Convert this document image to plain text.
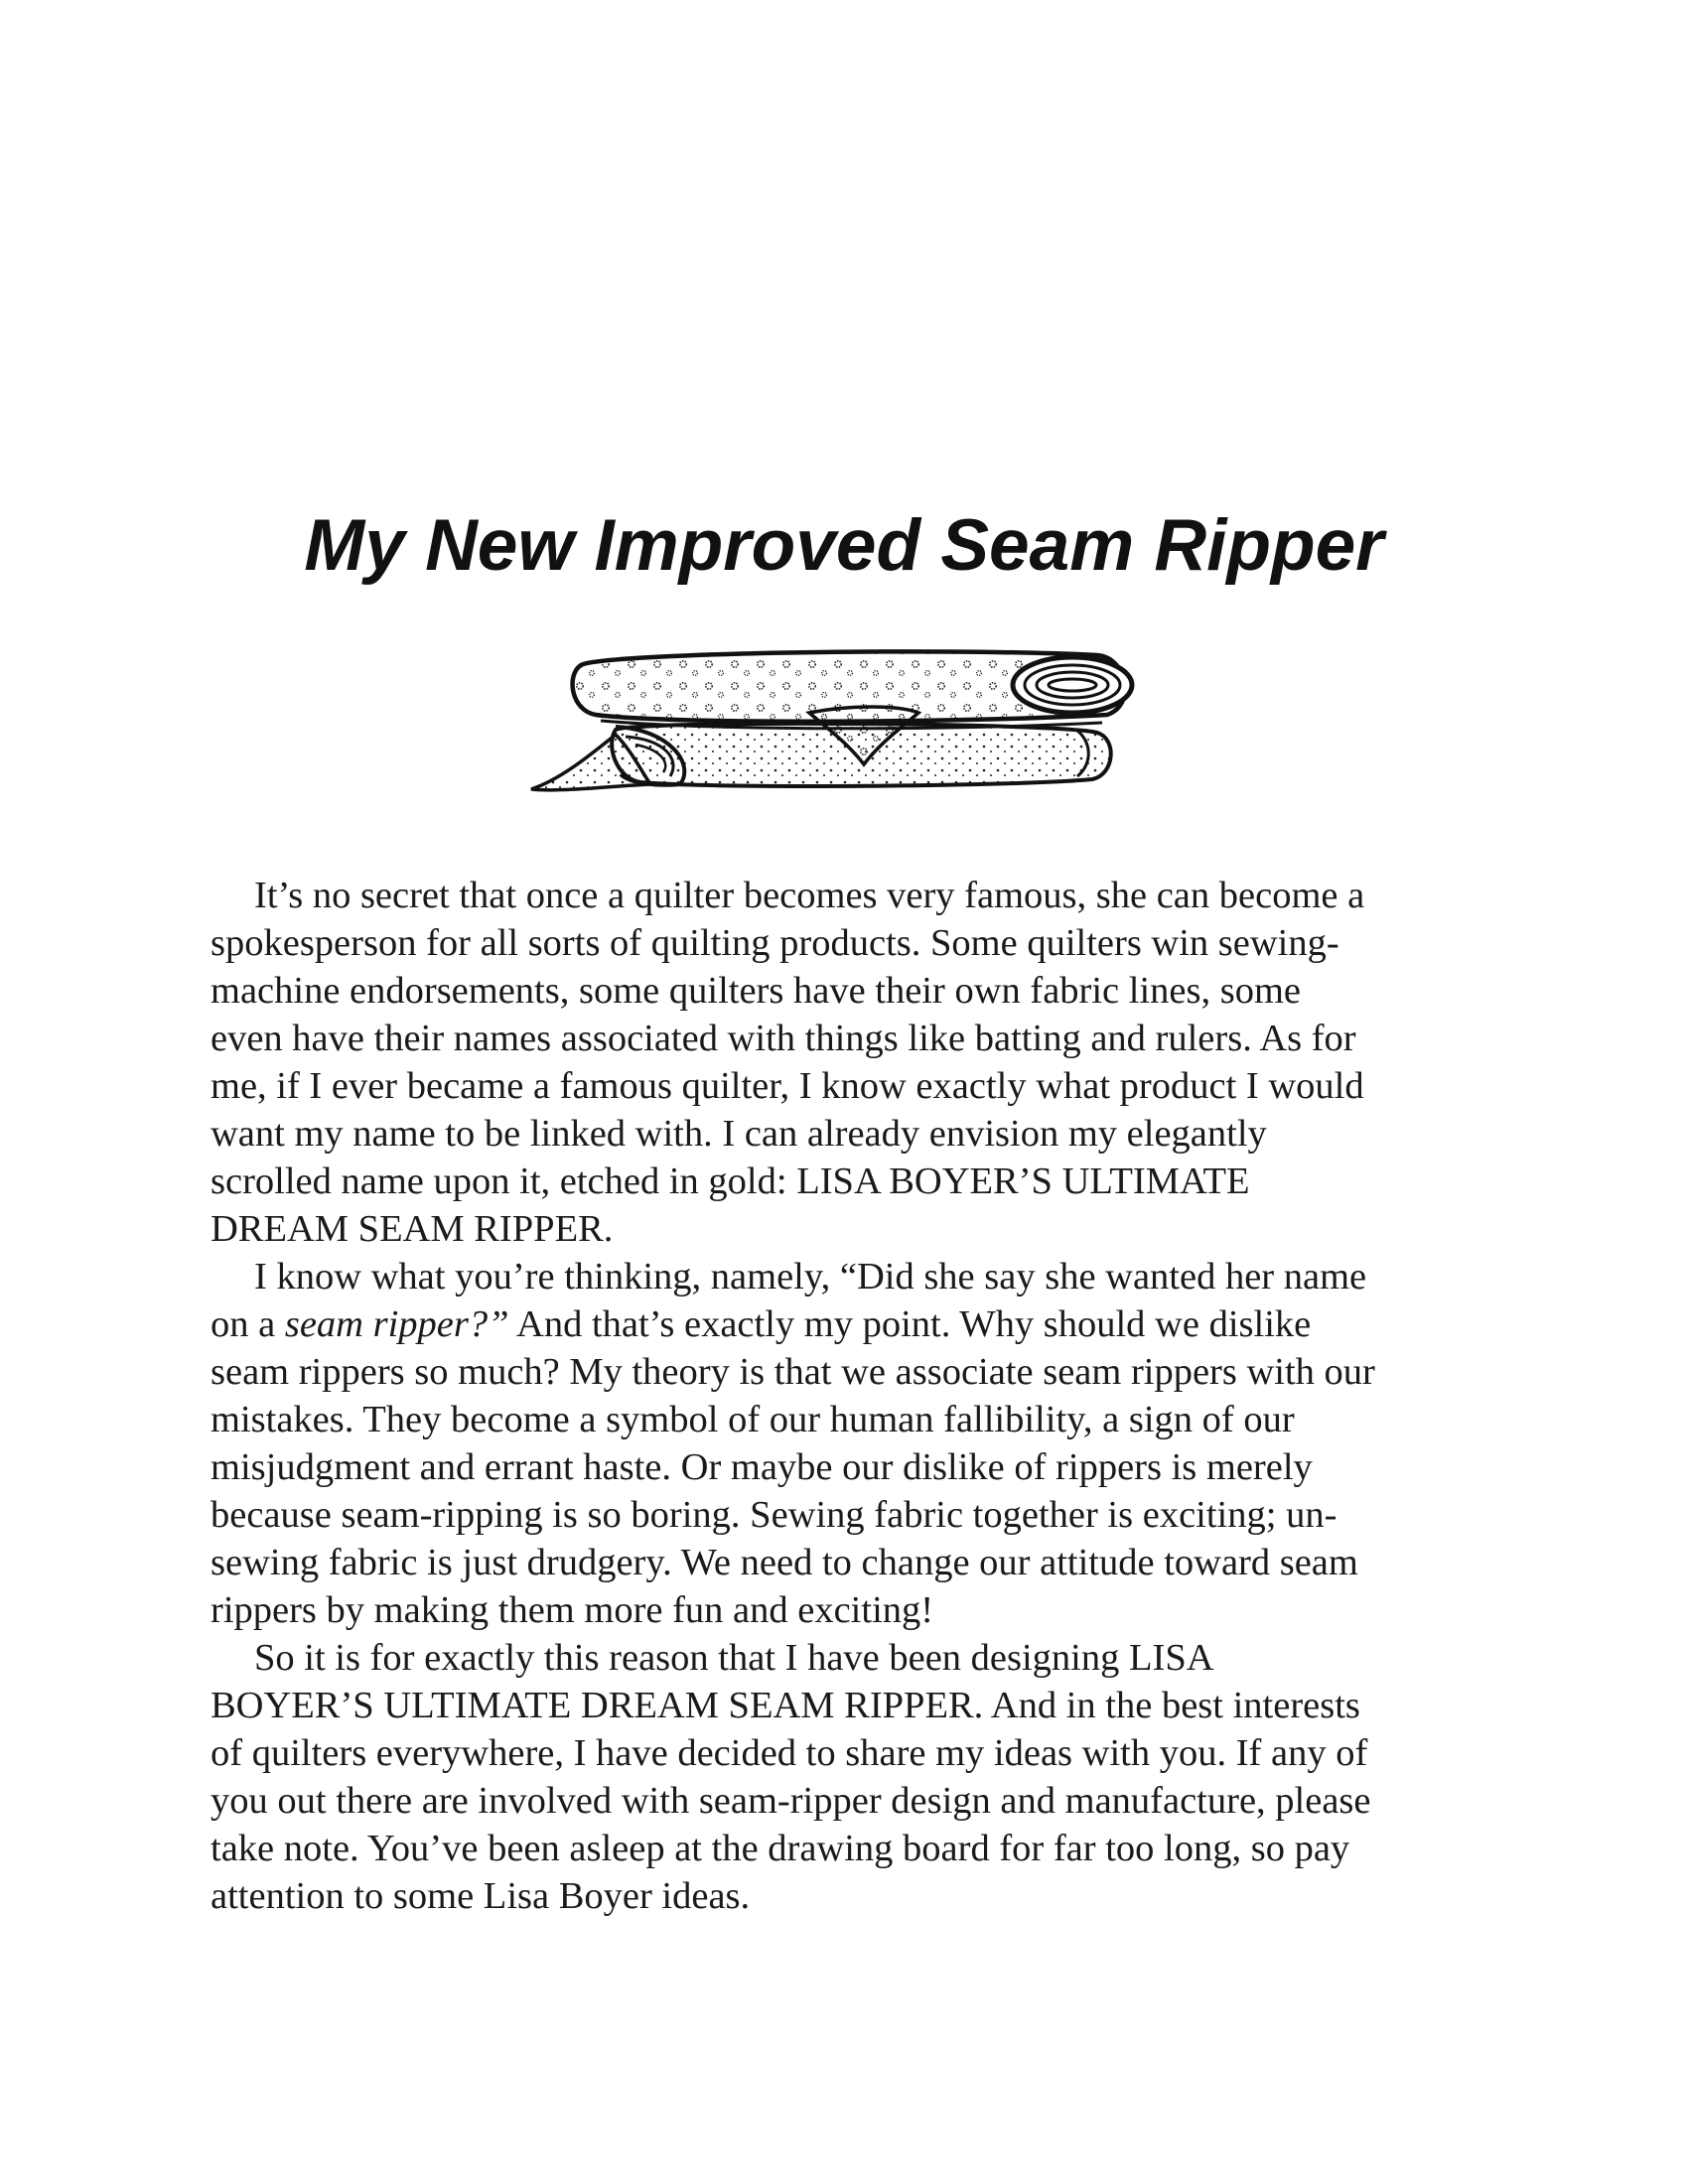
My New Improved Seam Ripper

It’s no secret that once a quilter becomes very famous, she can become a
spokesperson for all sorts of quilting products. Some quilters win sewing-
machine endorsements, some quilters have their own fabric lines, some
even have their names associated with things like batting and rulers. As for
me, if I ever became a famous quilter, I know exactly what product I would
want my name to be linked with. I can already envision my elegantly
scrolled name upon it, etched in gold: LISA BOYER’S ULTIMATE
DREAM SEAM RIPPER.

I know what you’re thinking, namely, “Did she say she wanted her name
on a seam ripper?” And that’s exactly my point. Why should we dislike
seam rippers so much? My theory is that we associate seam rippers with our
mistakes. They become a symbol of our human fallibility, a sign of our
misjudgment and errant haste. Or maybe our dislike of rippers is merely
because seam-ripping is so boring. Sewing fabric together is exciting; un-
sewing fabric is just drudgery. We need to change our attitude toward seam
rippers by making them more fun and exciting!

So it is for exactly this reason that I have been designing LISA
BOYER’S ULTIMATE DREAM SEAM RIPPER. And in the best interests
of quilters everywhere, I have decided to share my ideas with you. If any of
you out there are involved with seam-ripper design and manufacture, please
take note. You’ve been asleep at the drawing board for far too long, so pay
attention to some Lisa Boyer ideas.
